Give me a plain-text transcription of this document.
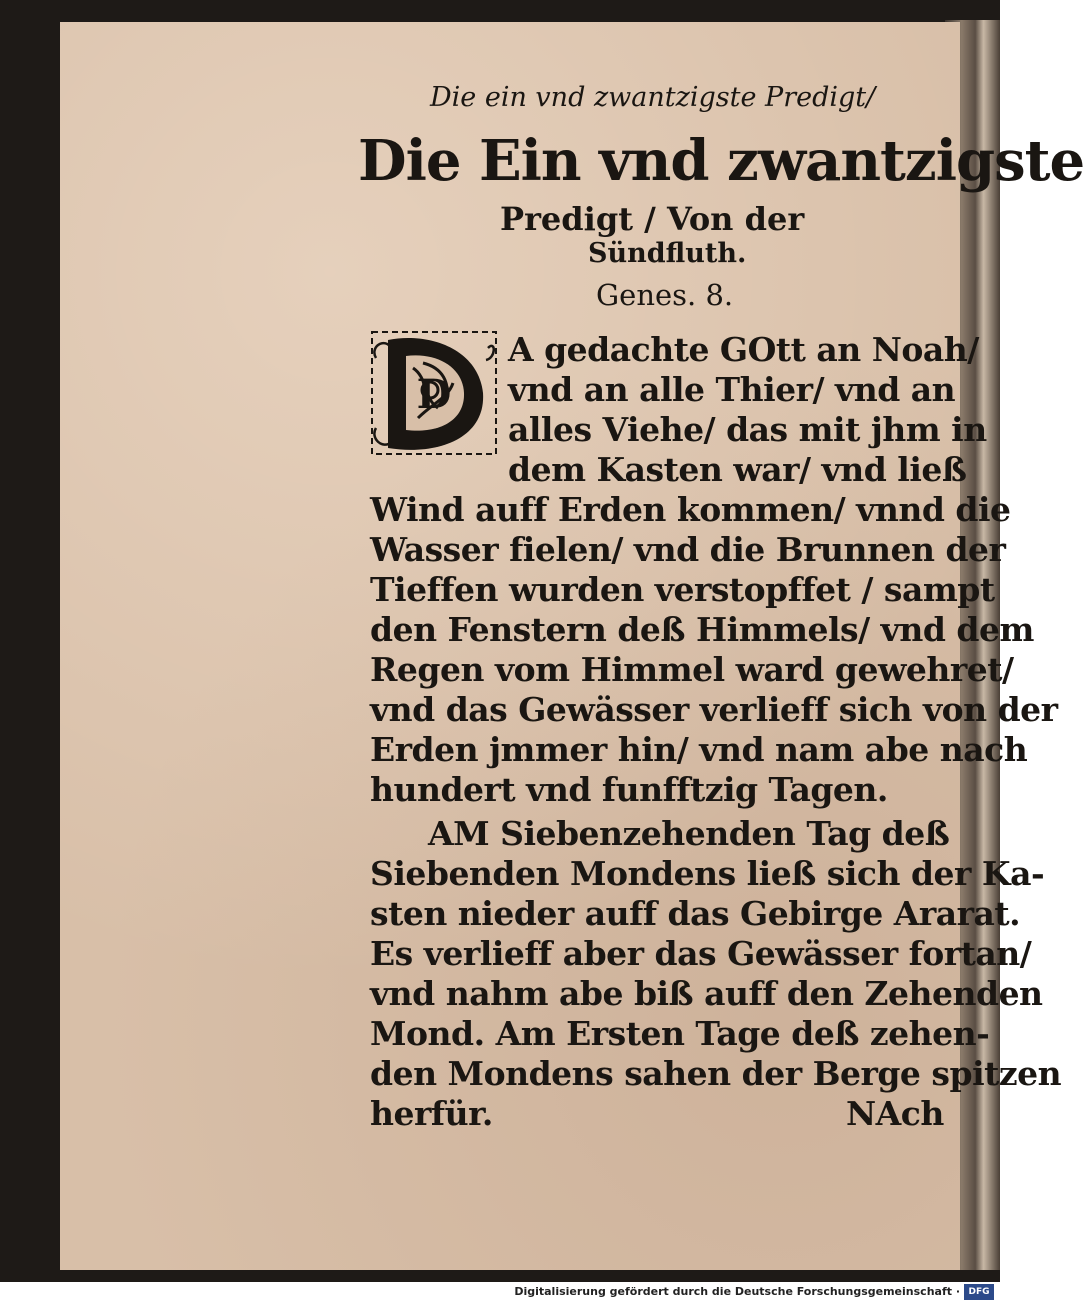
Die ein vnd zwantzigste Predigt/
Die Ein vnd zwantzigste
Predigt / Von der
Sündfluth.
Genes. 8.
D
A gedachte GOtt an Noah/
vnd an alle Thier/ vnd an
alles Viehe/ das mit jhm in
dem Kasten war/ vnd ließ
Wind auff Erden kommen/ vnnd die
Wasser fielen/ vnd die Brunnen der
Tieffen wurden verstopffet / sampt
den Fenstern deß Himmels/ vnd dem
Regen vom Himmel ward gewehret/
vnd das Gewässer verlieff sich von der
Erden jmmer hin/ vnd nam abe nach
hundert vnd funfftzig Tagen.
AM Siebenzehenden Tag deß
Siebenden Mondens ließ sich der Ka-
sten nieder auff das Gebirge Ararat.
Es verlieff aber das Gewässer fortan/
vnd nahm abe biß auff den Zehenden
Mond. Am Ersten Tage deß zehen-
den Mondens sahen der Berge spitzen
herfür.	NAch
Digitalisierung gefördert durch die Deutsche Forschungsgemeinschaft · DFG
